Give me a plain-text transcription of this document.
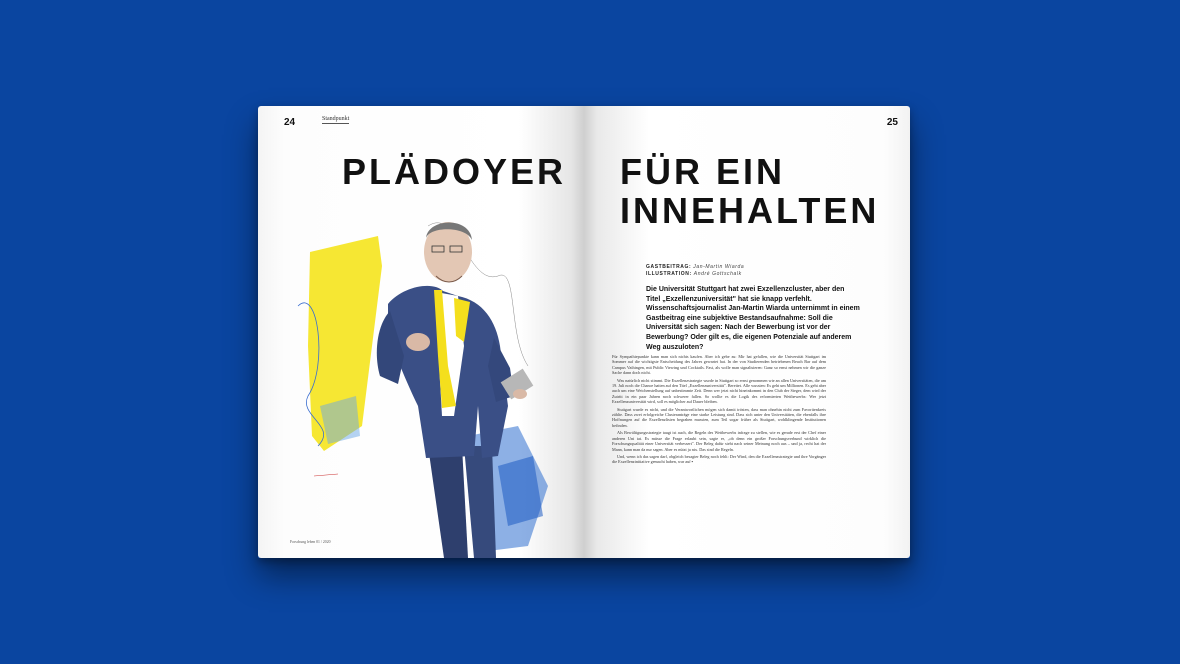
24	Standpunkt
PLÄDOYER
Forschung leben 01 / 2020
25
FÜR EIN
INNEHALTEN
GASTBEITRAG: Jan-Martin Wiarda
ILLUSTRATION: André Gottschalk
Die Universität Stuttgart hat zwei Exzellenzcluster, aber den Titel „Exzellenzuniversität" hat sie knapp verfehlt. Wissenschaftsjournalist Jan-Martin Wiarda unternimmt in einem Gastbeitrag eine subjektive Bestandsaufnahme: Soll die Universität sich sagen: Nach der Bewerbung ist vor der Bewerbung? Oder gilt es, die eigenen Potenziale auf anderem Weg auszuloten?

Für Sympathiepunkte kann man sich nichts kaufen. Aber ich gebe zu: Mir hat gefallen, wie die Universität Stuttgart im Sommer auf die wichtigste Entscheidung des Jahres gewartet hat. In der von Studierenden betriebenen Beach Bar auf dem Campus Vaihingen, mit Public Viewing und Cocktails. Fast, als wolle man signalisieren: Ganz so ernst nehmen wir die ganze Sache dann doch nicht.

Was natürlich nicht stimmt. Die Exzellenzstrategie wurde in Stuttgart so ernst genommen wie an allen Universitäten, die am 19. Juli noch die Chance hatten auf den Titel „Exzellenzuniversität". Bereitet. Alle wussten: Es geht um Millionen. Es geht aber auch um eine Weichenstellung auf unbestimmte Zeit. Denn wer jetzt nicht hineinkommt in den Club der Sieger, dem wird der Zutritt in ein paar Jahren noch schwerer fallen. So wollte es die Logik des reformierten Wettbewerbs: Wer jetzt Exzellenzuniversität wird, soll es möglicher auf Dauer bleiben.

Stuttgart wurde es nicht, und die Verantwortlichen mögen sich damit trösten, dass man ohnehin nicht zum Favoritenkreis zählte. Dass zwei erfolgreiche Clusteranträge eine starke Leistung sind. Dass sich unter den Universitäten, die ebenfalls ihre Hoffnungen auf die Exzellenzlisten begraben mussten, zum Teil sogar früher als Stuttgart, wohlklingende Institutionen befinden.

Als Bewältigungsstrategie taugt ist auch, die Regeln des Wettbewerbs infrage zu stellen, wie es gerade erst der Chef einer anderen Uni tat. Es müsse die Frage erlaubt sein, sagte er, „ob denn ein großer Forschungsverbund wirklich die Forschungsqualität einer Universität verbessert". Der Beleg dafür steht nach seiner Meinung noch aus – und ja, recht hat der Mann, kann man da nur sagen. Aber es nützt ja nix. Das sind die Regeln.

Und, wenn ich das sagen darf, obgleich besagter Beleg noch fehlt: Der Wind, den die Exzellenzstrategie und ihre Vorgänger die Exzellenzinitiative gemacht haben, war auf ▪
